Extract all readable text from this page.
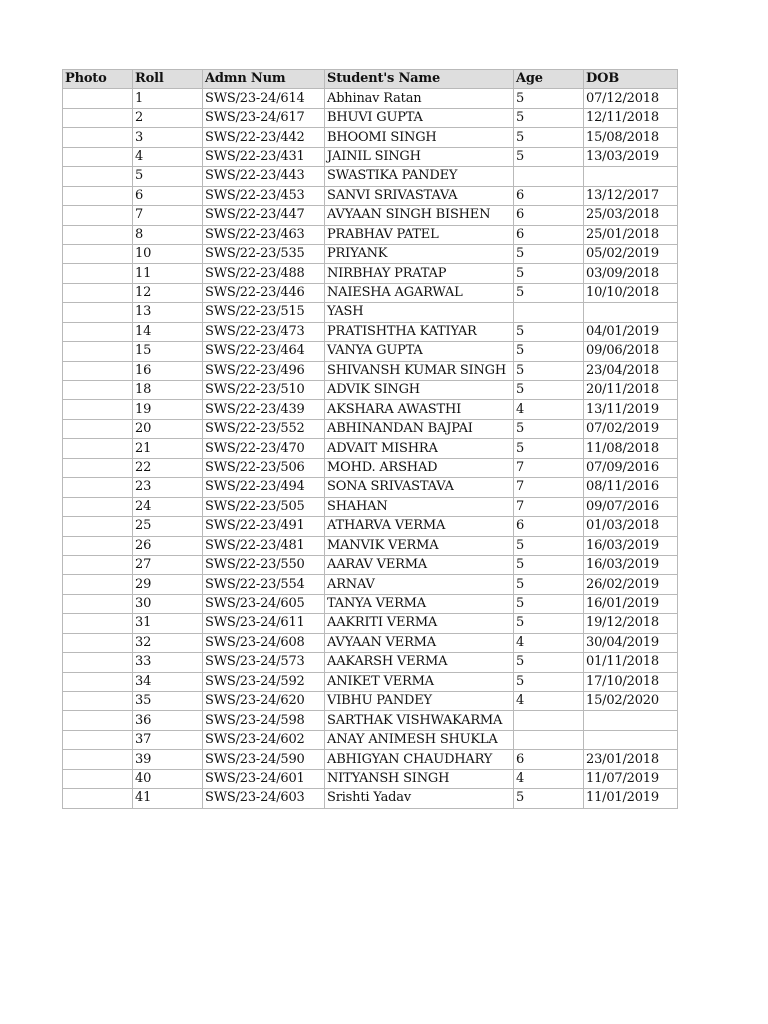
Photo	Roll	Admn Num	Student's Name	Age	DOB
	1	SWS/23-24/614	Abhinav Ratan	5	07/12/2018
	2	SWS/23-24/617	BHUVI GUPTA	5	12/11/2018
	3	SWS/22-23/442	BHOOMI SINGH	5	15/08/2018
	4	SWS/22-23/431	JAINIL SINGH	5	13/03/2019
	5	SWS/22-23/443	SWASTIKA PANDEY		
	6	SWS/22-23/453	SANVI SRIVASTAVA	6	13/12/2017
	7	SWS/22-23/447	AVYAAN SINGH BISHEN	6	25/03/2018
	8	SWS/22-23/463	PRABHAV PATEL	6	25/01/2018
	10	SWS/22-23/535	PRIYANK	5	05/02/2019
	11	SWS/22-23/488	NIRBHAY PRATAP	5	03/09/2018
	12	SWS/22-23/446	NAIESHA AGARWAL	5	10/10/2018
	13	SWS/22-23/515	YASH		
	14	SWS/22-23/473	PRATISHTHA KATIYAR	5	04/01/2019
	15	SWS/22-23/464	VANYA GUPTA	5	09/06/2018
	16	SWS/22-23/496	SHIVANSH KUMAR SINGH	5	23/04/2018
	18	SWS/22-23/510	ADVIK SINGH	5	20/11/2018
	19	SWS/22-23/439	AKSHARA AWASTHI	4	13/11/2019
	20	SWS/22-23/552	ABHINANDAN BAJPAI	5	07/02/2019
	21	SWS/22-23/470	ADVAIT MISHRA	5	11/08/2018
	22	SWS/22-23/506	MOHD. ARSHAD	7	07/09/2016
	23	SWS/22-23/494	SONA SRIVASTAVA	7	08/11/2016
	24	SWS/22-23/505	SHAHAN	7	09/07/2016
	25	SWS/22-23/491	ATHARVA VERMA	6	01/03/2018
	26	SWS/22-23/481	MANVIK VERMA	5	16/03/2019
	27	SWS/22-23/550	AARAV VERMA	5	16/03/2019
	29	SWS/22-23/554	ARNAV	5	26/02/2019
	30	SWS/23-24/605	TANYA VERMA	5	16/01/2019
	31	SWS/23-24/611	AAKRITI VERMA	5	19/12/2018
	32	SWS/23-24/608	AVYAAN VERMA	4	30/04/2019
	33	SWS/23-24/573	AAKARSH VERMA	5	01/11/2018
	34	SWS/23-24/592	ANIKET VERMA	5	17/10/2018
	35	SWS/23-24/620	VIBHU PANDEY	4	15/02/2020
	36	SWS/23-24/598	SARTHAK VISHWAKARMA		
	37	SWS/23-24/602	ANAY ANIMESH SHUKLA		
	39	SWS/23-24/590	ABHIGYAN CHAUDHARY	6	23/01/2018
	40	SWS/23-24/601	NITYANSH SINGH	4	11/07/2019
	41	SWS/23-24/603	Srishti Yadav	5	11/01/2019
